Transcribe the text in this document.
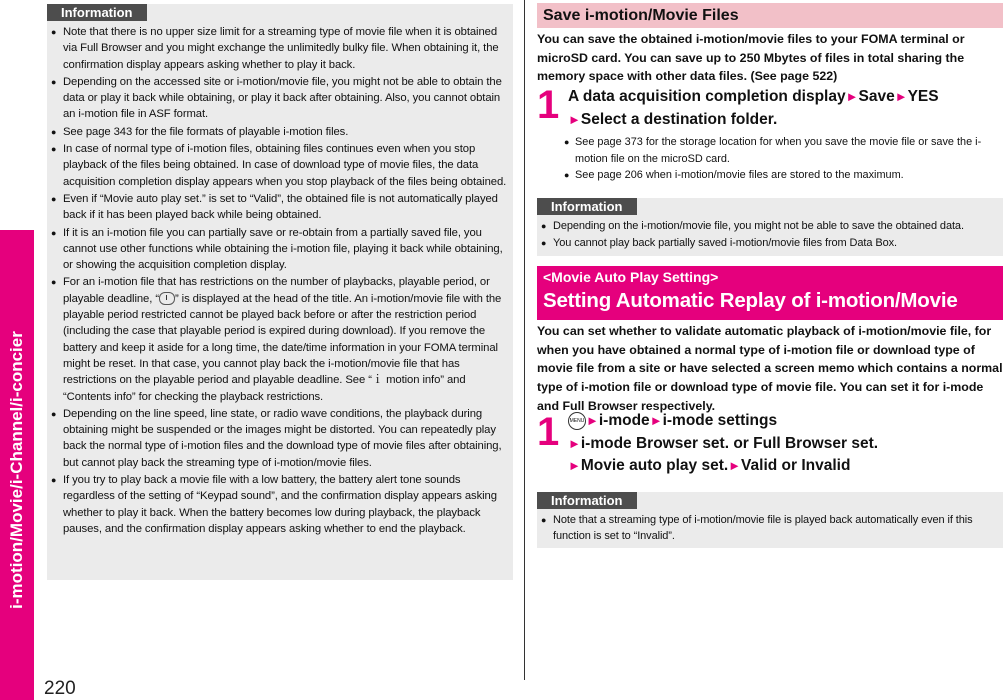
i-motion/Movie/i-Channel/i-concier
220
Information
● Note that there is no upper size limit for a streaming type of movie file when it is obtained via Full Browser and you might exchange the unlimitedly bulky file. When obtaining it, the confirmation display appears asking whether to play it back.
● Depending on the accessed site or i-motion/movie file, you might not be able to obtain the data or play it back while obtaining, or play it back after obtaining. Also, you cannot obtain an i-motion file in ASF format.
● See page 343 for the file formats of playable i-motion files.
● In case of normal type of i-motion files, obtaining files continues even when you stop playback of the files being obtained. In case of download type of movie files, the data acquisition completion display appears when you stop playback of the files being obtained.
● Even if “Movie auto play set.” is set to “Valid”, the obtained file is not automatically played back if it has been played back while being obtained.
● If it is an i-motion file you can partially save or re-obtain from a partially saved file, you cannot use other functions while obtaining the i-motion file, playing it back while obtaining, or showing the acquisition completion display.
● For an i-motion file that has restrictions on the number of playbacks, playable period, or playable deadline, “ ” is displayed at the head of the title. An i-motion/movie file with the playable period restricted cannot be played back before or after the restriction period (including the case that playable period is expired during download). If you remove the battery and keep it aside for a long time, the date/time information in your FOMA terminal might be reset. In that case, you cannot play back the i-motion/movie file that has restrictions on the playable period and playable deadline. See “ｉ motion info” and “Contents info” for checking the playback restrictions.
● Depending on the line speed, line state, or radio wave conditions, the playback during obtaining might be suspended or the images might be distorted. You can repeatedly play back the normal type of i-motion files and the download type of movie files after obtaining, but cannot play back the streaming type of i-motion/movie files.
● If you try to play back a movie file with a low battery, the battery alert tone sounds regardless of the setting of “Keypad sound”, and the confirmation display appears asking whether to play it back. When the battery becomes low during playback, the playback pauses, and the confirmation display appears asking whether to end the playback.
Save i-motion/Movie Files
You can save the obtained i-motion/movie files to your FOMA terminal or microSD card. You can save up to 250 Mbytes of files in total sharing the memory space with other data files. (See page 522)
1 A data acquisition completion display►Save►YES
►Select a destination folder.
● See page 373 for the storage location for when you save the movie file or save the i-motion file on the microSD card.
● See page 206 when i-motion/movie files are stored to the maximum.
Information
● Depending on the i-motion/movie file, you might not be able to save the obtained data.
● You cannot play back partially saved i-motion/movie files from Data Box.
<Movie Auto Play Setting>
Setting Automatic Replay of i-motion/Movie
You can set whether to validate automatic playback of i-motion/movie file, for when you have obtained a normal type of i-motion file or download type of movie file from a site or have selected a screen memo which contains a normal type of i-motion file or download type of movie file. You can set it for i-mode and Full Browser respectively.
1	MENU ►i-mode►i-mode settings
►i-mode Browser set. or Full Browser set.
►Movie auto play set.►Valid or Invalid
Information
● Note that a streaming type of i-motion/movie file is played back automatically even if this function is set to “Invalid”.
